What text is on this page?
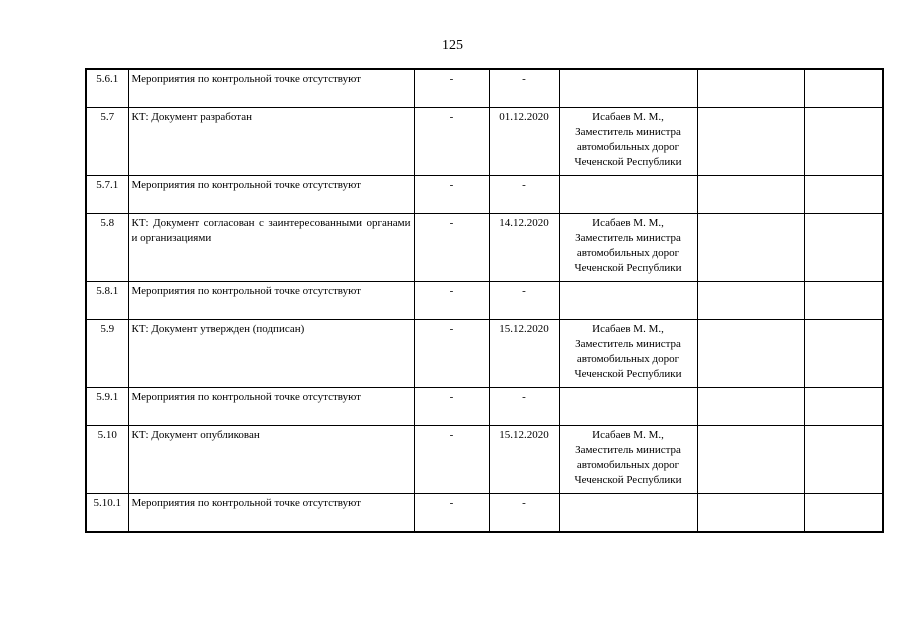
125
5.6.1	Мероприятия по контрольной точке отсутствуют	-	-			
5.7	КТ: Документ разработан	-	01.12.2020	Исабаев М. М.,
Заместитель министра автомобильных дорог Чеченской Республики		
5.7.1	Мероприятия по контрольной точке отсутствуют	-	-			
5.8	КТ: Документ согласован с заинтересованными органами и организациями	-	14.12.2020	Исабаев М. М.,
Заместитель министра автомобильных дорог Чеченской Республики		
5.8.1	Мероприятия по контрольной точке отсутствуют	-	-			
5.9	КТ: Документ утвержден (подписан)	-	15.12.2020	Исабаев М. М.,
Заместитель министра автомобильных дорог Чеченской Республики		
5.9.1	Мероприятия по контрольной точке отсутствуют	-	-			
5.10	КТ: Документ опубликован	-	15.12.2020	Исабаев М. М.,
Заместитель министра автомобильных дорог Чеченской Республики		
5.10.1	Мероприятия по контрольной точке отсутствуют	-	-			
